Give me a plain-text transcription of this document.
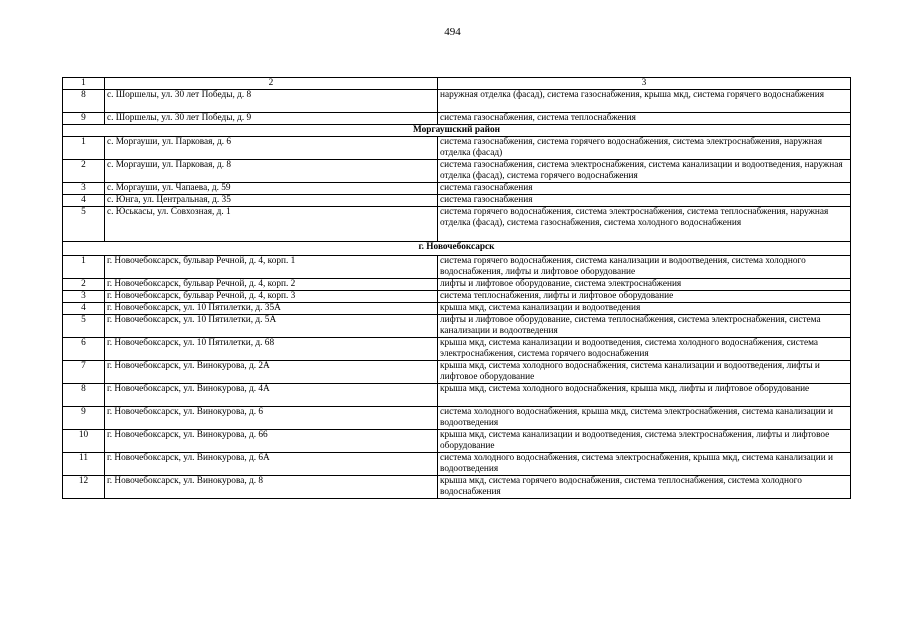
494
1	2	3
8	с. Шоршелы, ул. 30 лет Победы, д. 8	наружная отделка (фасад), система газоснабжения, крыша мкд, система горячего водоснабжения
9	с. Шоршелы, ул. 30 лет Победы, д. 9	система газоснабжения, система теплоснабжения
Моргаушский район		
1	с. Моргауши, ул. Парковая, д. 6	система газоснабжения, система горячего водоснабжения, система электроснабжения, наружная отделка (фасад)
2	с. Моргауши, ул. Парковая, д. 8	система газоснабжения, система электроснабжения, система канализации и водоотведения, наружная отделка (фасад), система горячего водоснабжения
3	с. Моргауши, ул. Чапаева, д. 59	система газоснабжения
4	с. Юнга, ул. Центральная, д. 35	система газоснабжения
5	с. Юськасы, ул. Совхозная, д. 1	система горячего водоснабжения, система электроснабжения, система теплоснабжения, наружная отделка (фасад), система газоснабжения, система холодного водоснабжения
г. Новочебоксарск		
1	г. Новочебоксарск, бульвар Речной, д. 4, корп. 1	система горячего водоснабжения, система канализации и водоотведения, система холодного водоснабжения, лифты и лифтовое оборудование
2	г. Новочебоксарск, бульвар Речной, д. 4, корп. 2	лифты и лифтовое оборудование, система электроснабжения
3	г. Новочебоксарск, бульвар Речной, д. 4, корп. 3	система теплоснабжения, лифты и лифтовое оборудование
4	г. Новочебоксарск, ул. 10 Пятилетки, д. 35А	крыша мкд, система канализации и водоотведения
5	г. Новочебоксарск, ул. 10 Пятилетки, д. 5А	лифты и лифтовое оборудование, система теплоснабжения, система электроснабжения, система канализации и водоотведения
6	г. Новочебоксарск, ул. 10 Пятилетки, д. 68	крыша мкд, система канализации и водоотведения, система холодного водоснабжения, система электроснабжения, система горячего водоснабжения
7	г. Новочебоксарск, ул. Винокурова, д. 2А	крыша мкд, система холодного водоснабжения, система канализации и водоотведения, лифты и лифтовое оборудование
8	г. Новочебоксарск, ул. Винокурова, д. 4А	крыша мкд, система холодного водоснабжения, крыша мкд, лифты и лифтовое оборудование
9	г. Новочебоксарск, ул. Винокурова, д. 6	система холодного водоснабжения, крыша мкд, система электроснабжения, система канализации и водоотведения
10	г. Новочебоксарск, ул. Винокурова, д. 66	крыша мкд, система канализации и водоотведения, система электроснабжения, лифты и лифтовое оборудование
11	г. Новочебоксарск, ул. Винокурова, д. 6А	система холодного водоснабжения, система электроснабжения, крыша мкд, система канализации и водоотведения
12	г. Новочебоксарск, ул. Винокурова, д. 8	крыша мкд, система горячего водоснабжения, система теплоснабжения, система холодного водоснабжения
